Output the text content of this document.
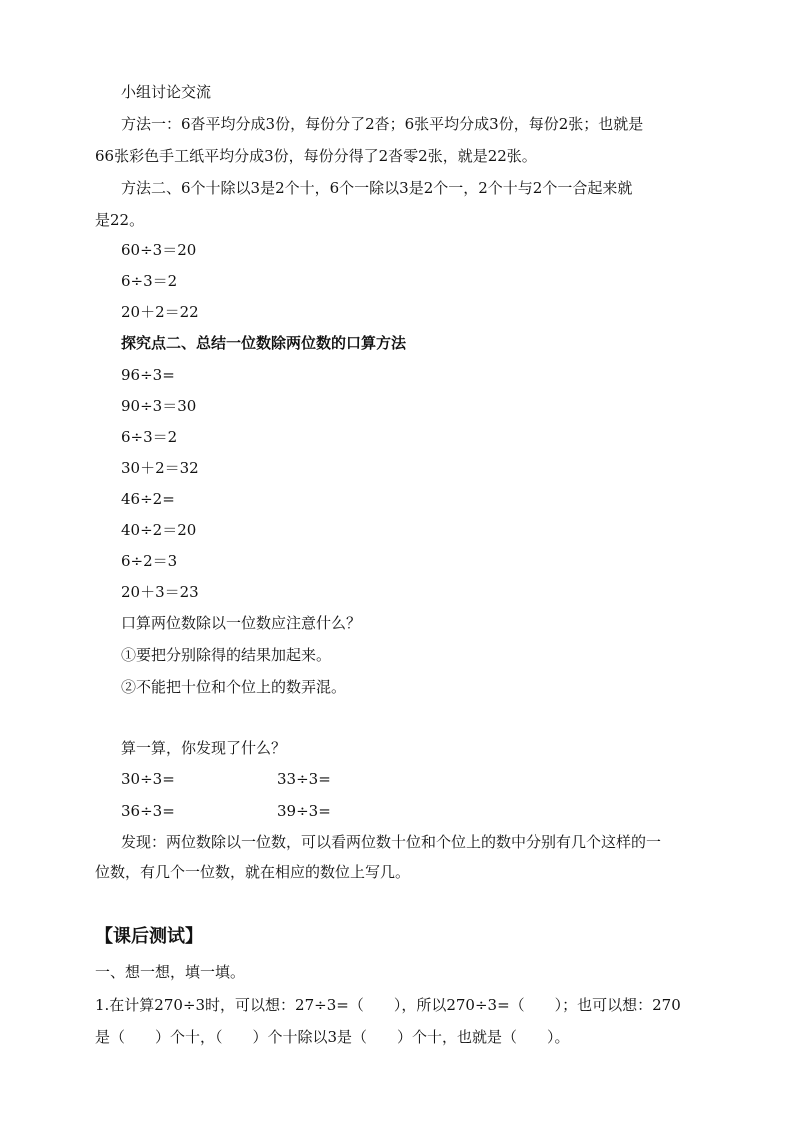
小组讨论交流
方法一：6沓平均分成3份，每份分了2沓；6张平均分成3份，每份2张；也就是
66张彩色手工纸平均分成3份，每份分得了2沓零2张，就是22张。
方法二、6个十除以3是2个十，6个一除以3是2个一，2个十与2个一合起来就
是22。
60÷3＝20
6÷3＝2
20＋2＝22
探究点二、总结一位数除两位数的口算方法
96÷3=
90÷3＝30
6÷3＝2
30＋2＝32
46÷2=
40÷2＝20
6÷2＝3
20＋3＝23
口算两位数除以一位数应注意什么？
①要把分别除得的结果加起来。
②不能把十位和个位上的数弄混。
算一算，你发现了什么？
30÷3=	33÷3=
36÷3=	39÷3=
发现：两位数除以一位数，可以看两位数十位和个位上的数中分别有几个这样的一
位数，有几个一位数，就在相应的数位上写几。
【课后测试】
一、想一想，填一填。
1.在计算270÷3时，可以想：27÷3=（　　），所以270÷3=（　　）；也可以想：270
是（　　）个十，（　　）个十除以3是（　　）个十，也就是（　　）。
